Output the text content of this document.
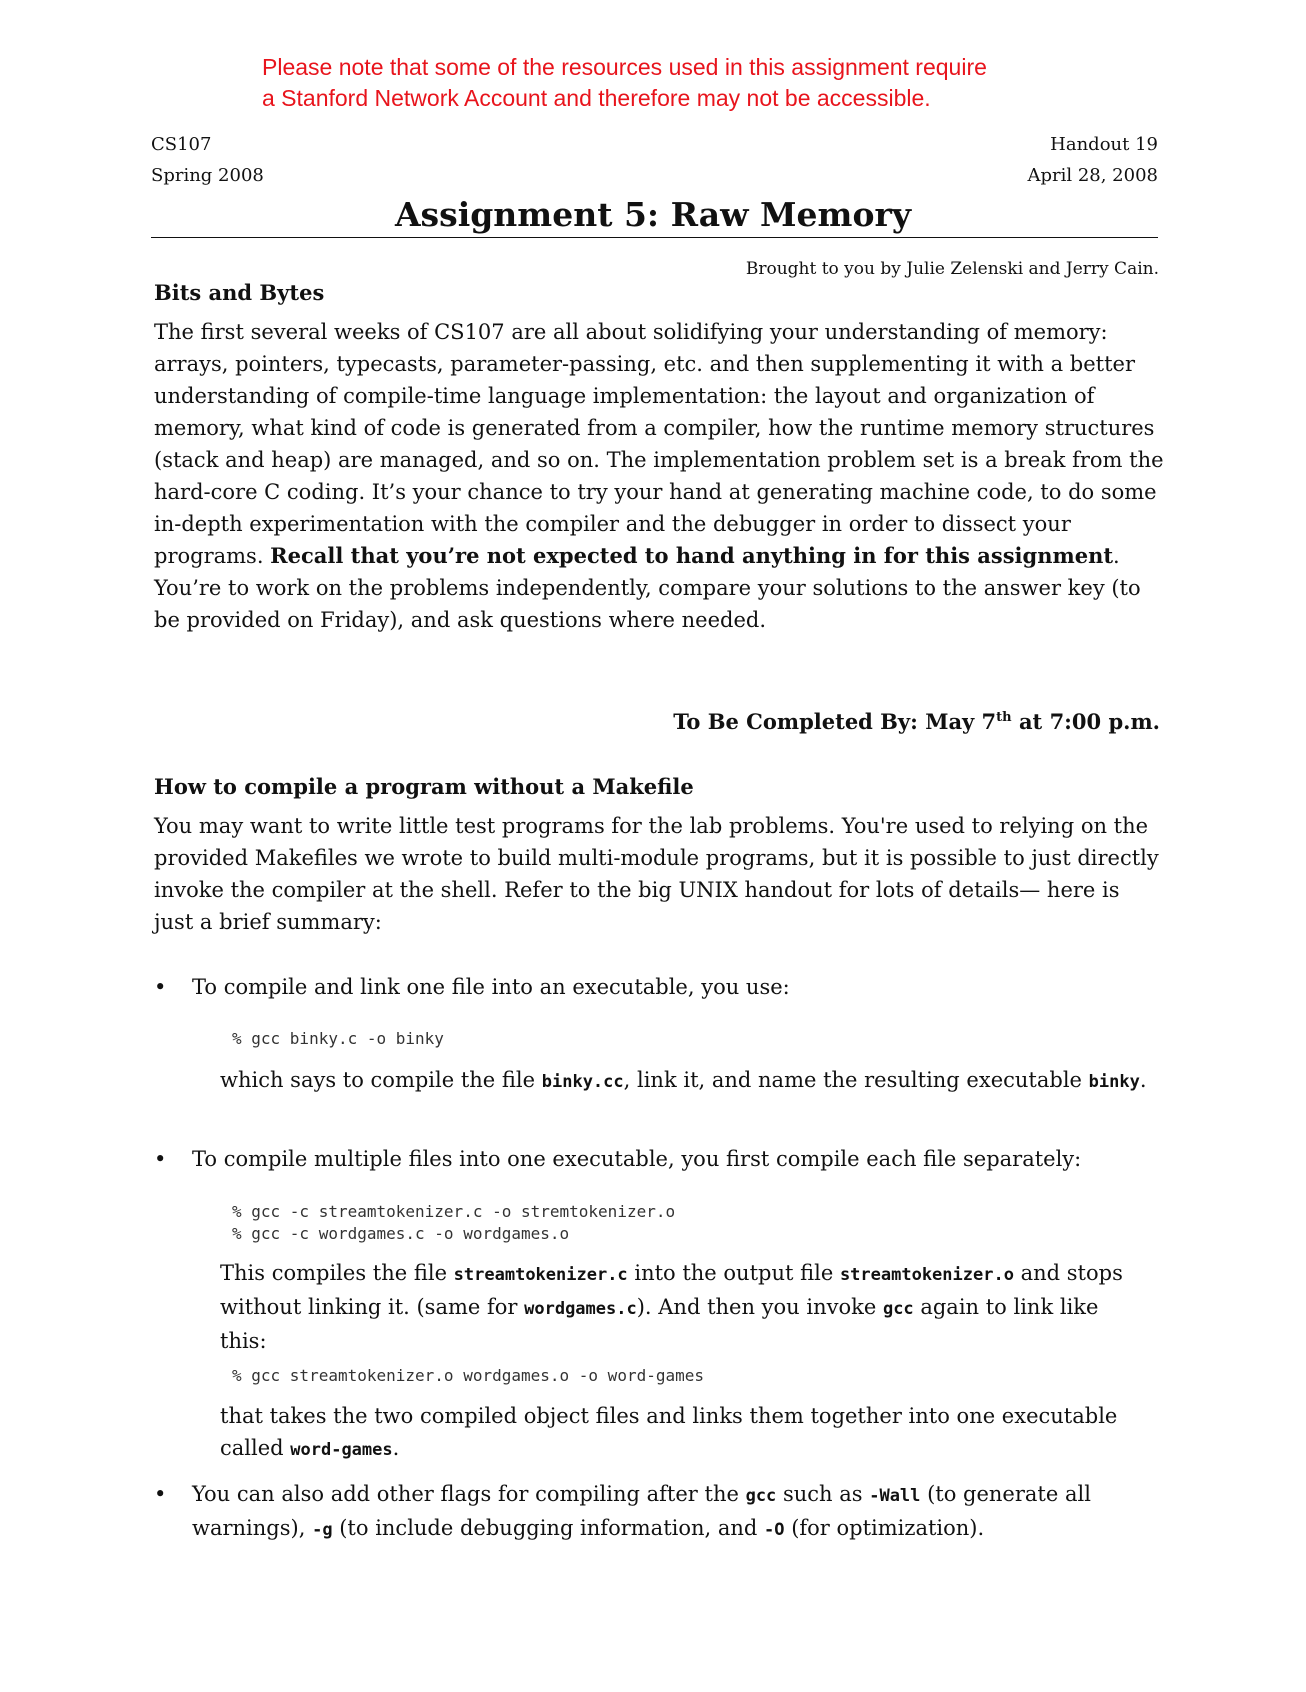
Please note that some of the resources used in this assignment require
a Stanford Network Account and therefore may not be accessible.
CS107
Spring 2008
Handout 19
April 28, 2008
Assignment 5: Raw Memory
Brought to you by Julie Zelenski and Jerry Cain.
Bits and Bytes
The first several weeks of CS107 are all about solidifying your understanding of memory: arrays, pointers, typecasts, parameter-passing, etc. and then supplementing it with a better understanding of compile-time language implementation: the layout and organization of memory, what kind of code is generated from a compiler, how the runtime memory structures (stack and heap) are managed, and so on. The implementation problem set is a break from the hard-core C coding. It’s your chance to try your hand at generating machine code, to do some in-depth experimentation with the compiler and the debugger in order to dissect your programs. Recall that you’re not expected to hand anything in for this assignment. You’re to work on the problems independently, compare your solutions to the answer key (to be provided on Friday), and ask questions where needed.
To Be Completed By: May 7th at 7:00 p.m.
How to compile a program without a Makefile
You may want to write little test programs for the lab problems. You're used to relying on the provided Makefiles we wrote to build multi-module programs, but it is possible to just directly invoke the compiler at the shell. Refer to the big UNIX handout for lots of details— here is just a brief summary:
•	To compile and link one file into an executable, you use:
% gcc binky.c -o binky
which says to compile the file binky.cc, link it, and name the resulting executable binky.
•	To compile multiple files into one executable, you first compile each file separately:
% gcc -c streamtokenizer.c -o stremtokenizer.o
% gcc -c wordgames.c -o wordgames.o
This compiles the file streamtokenizer.c into the output file streamtokenizer.o and stops without linking it. (same for wordgames.c). And then you invoke gcc again to link like this:
% gcc streamtokenizer.o wordgames.o -o word-games
that takes the two compiled object files and links them together into one executable called word-games.
•	You can also add other flags for compiling after the gcc such as -Wall (to generate all warnings), -g (to include debugging information, and -O (for optimization).
